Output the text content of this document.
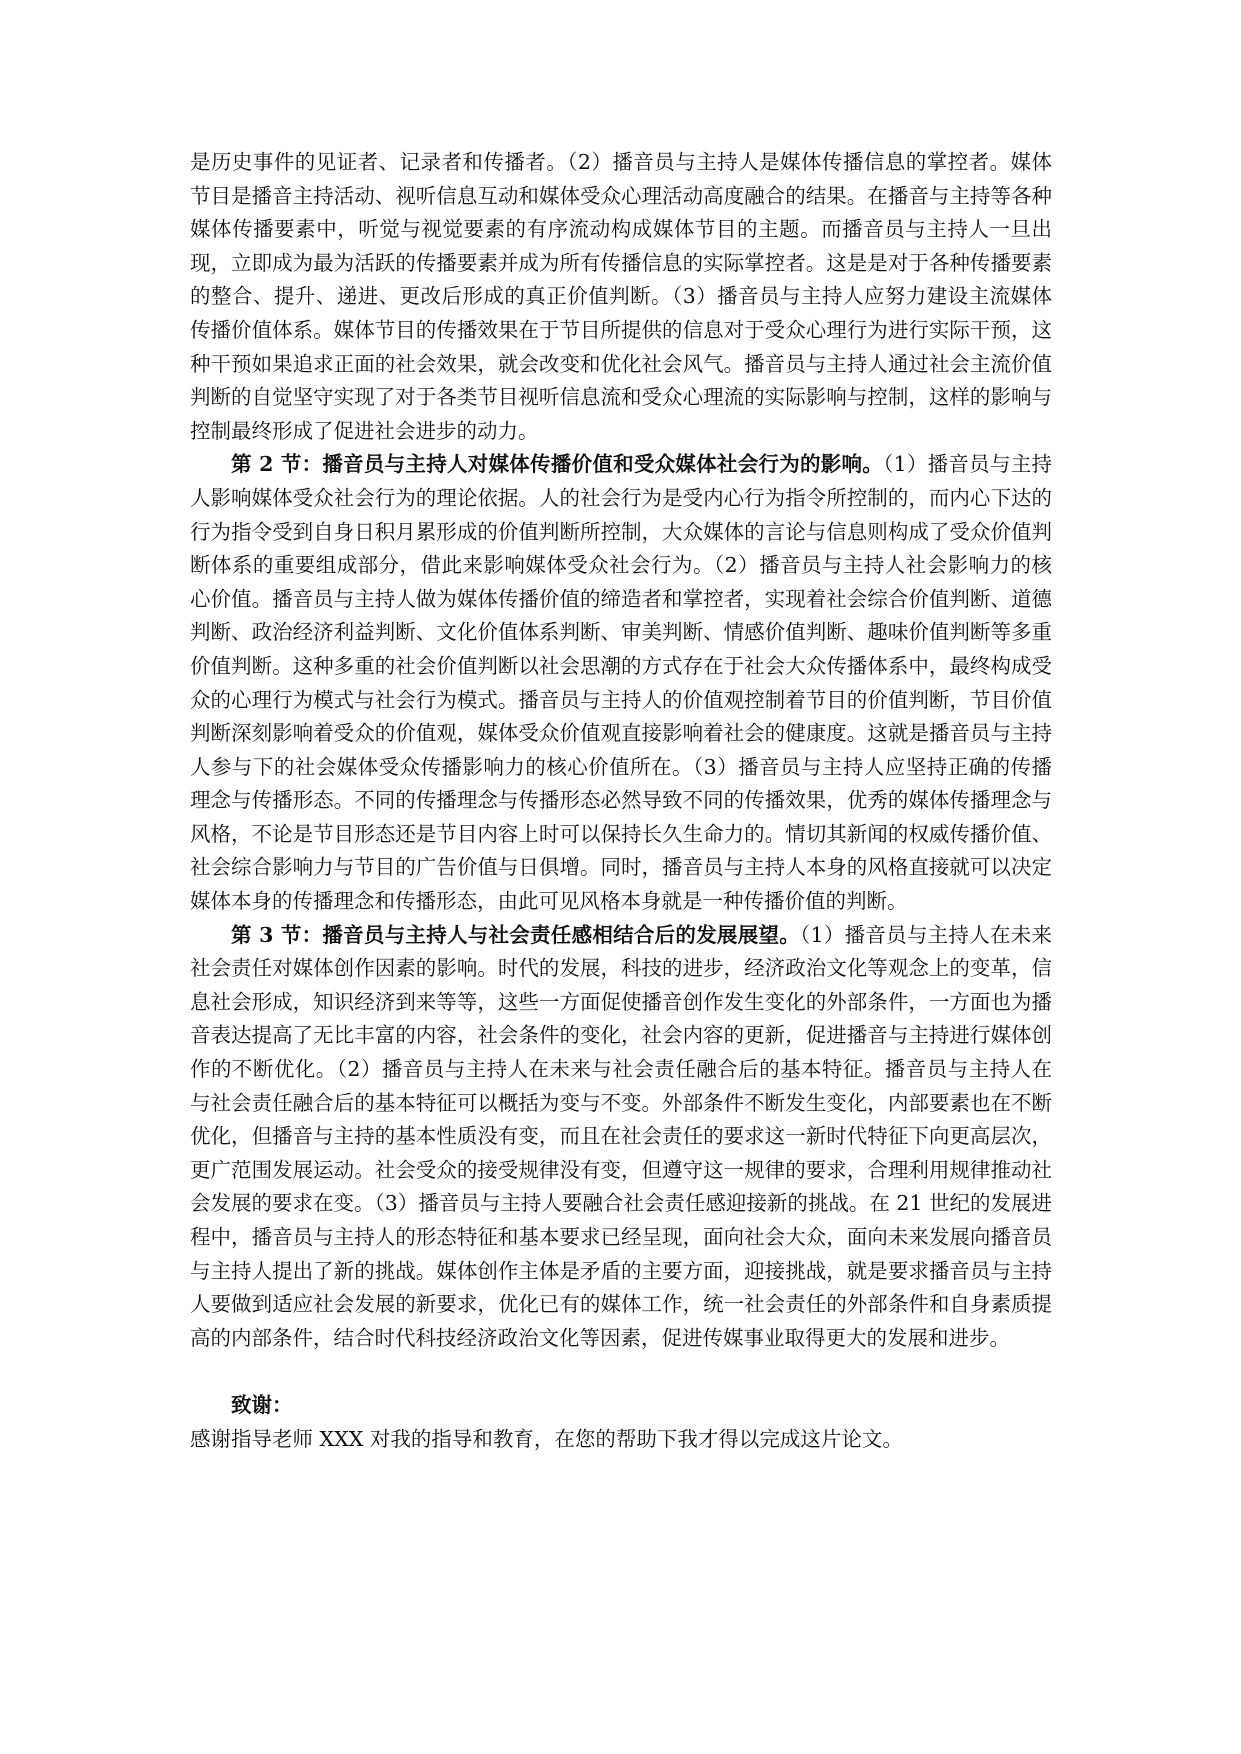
是历史事件的见证者、记录者和传播者。（2）播音员与主持人是媒体传播信息的掌控者。媒体节目是播音主持活动、视听信息互动和媒体受众心理活动高度融合的结果。在播音与主持等各种媒体传播要素中，听觉与视觉要素的有序流动构成媒体节目的主题。而播音员与主持人一旦出现，立即成为最为活跃的传播要素并成为所有传播信息的实际掌控者。这是是对于各种传播要素的整合、提升、递进、更改后形成的真正价值判断。（3）播音员与主持人应努力建设主流媒体传播价值体系。媒体节目的传播效果在于节目所提供的信息对于受众心理行为进行实际干预，这种干预如果追求正面的社会效果，就会改变和优化社会风气。播音员与主持人通过社会主流价值判断的自觉坚守实现了对于各类节目视听信息流和受众心理流的实际影响与控制，这样的影响与控制最终形成了促进社会进步的动力。

第 2 节：播音员与主持人对媒体传播价值和受众媒体社会行为的影响。（1）播音员与主持人影响媒体受众社会行为的理论依据。人的社会行为是受内心行为指令所控制的，而内心下达的行为指令受到自身日积月累形成的价值判断所控制，大众媒体的言论与信息则构成了受众价值判断体系的重要组成部分，借此来影响媒体受众社会行为。（2）播音员与主持人社会影响力的核心价值。播音员与主持人做为媒体传播价值的缔造者和掌控者，实现着社会综合价值判断、道德判断、政治经济利益判断、文化价值体系判断、审美判断、情感价值判断、趣味价值判断等多重价值判断。这种多重的社会价值判断以社会思潮的方式存在于社会大众传播体系中，最终构成受众的心理行为模式与社会行为模式。播音员与主持人的价值观控制着节目的价值判断，节目价值判断深刻影响着受众的价值观，媒体受众价值观直接影响着社会的健康度。这就是播音员与主持人参与下的社会媒体受众传播影响力的核心价值所在。（3）播音员与主持人应坚持正确的传播理念与传播形态。不同的传播理念与传播形态必然导致不同的传播效果，优秀的媒体传播理念与风格，不论是节目形态还是节目内容上时可以保持长久生命力的。情切其新闻的权威传播价值、社会综合影响力与节目的广告价值与日俱增。同时，播音员与主持人本身的风格直接就可以决定媒体本身的传播理念和传播形态，由此可见风格本身就是一种传播价值的判断。

第 3 节：播音员与主持人与社会责任感相结合后的发展展望。（1）播音员与主持人在未来社会责任对媒体创作因素的影响。时代的发展，科技的进步，经济政治文化等观念上的变革，信息社会形成，知识经济到来等等，这些一方面促使播音创作发生变化的外部条件，一方面也为播音表达提高了无比丰富的内容，社会条件的变化，社会内容的更新，促进播音与主持进行媒体创作的不断优化。（2）播音员与主持人在未来与社会责任融合后的基本特征。播音员与主持人在与社会责任融合后的基本特征可以概括为变与不变。外部条件不断发生变化，内部要素也在不断优化，但播音与主持的基本性质没有变，而且在社会责任的要求这一新时代特征下向更高层次，更广范围发展运动。社会受众的接受规律没有变，但遵守这一规律的要求，合理利用规律推动社会发展的要求在变。（3）播音员与主持人要融合社会责任感迎接新的挑战。在 21 世纪的发展进程中，播音员与主持人的形态特征和基本要求已经呈现，面向社会大众，面向未来发展向播音员与主持人提出了新的挑战。媒体创作主体是矛盾的主要方面，迎接挑战，就是要求播音员与主持人要做到适应社会发展的新要求，优化已有的媒体工作，统一社会责任的外部条件和自身素质提高的内部条件，结合时代科技经济政治文化等因素，促进传媒事业取得更大的发展和进步。

致谢：

感谢指导老师 XXX 对我的指导和教育，在您的帮助下我才得以完成这片论文。
